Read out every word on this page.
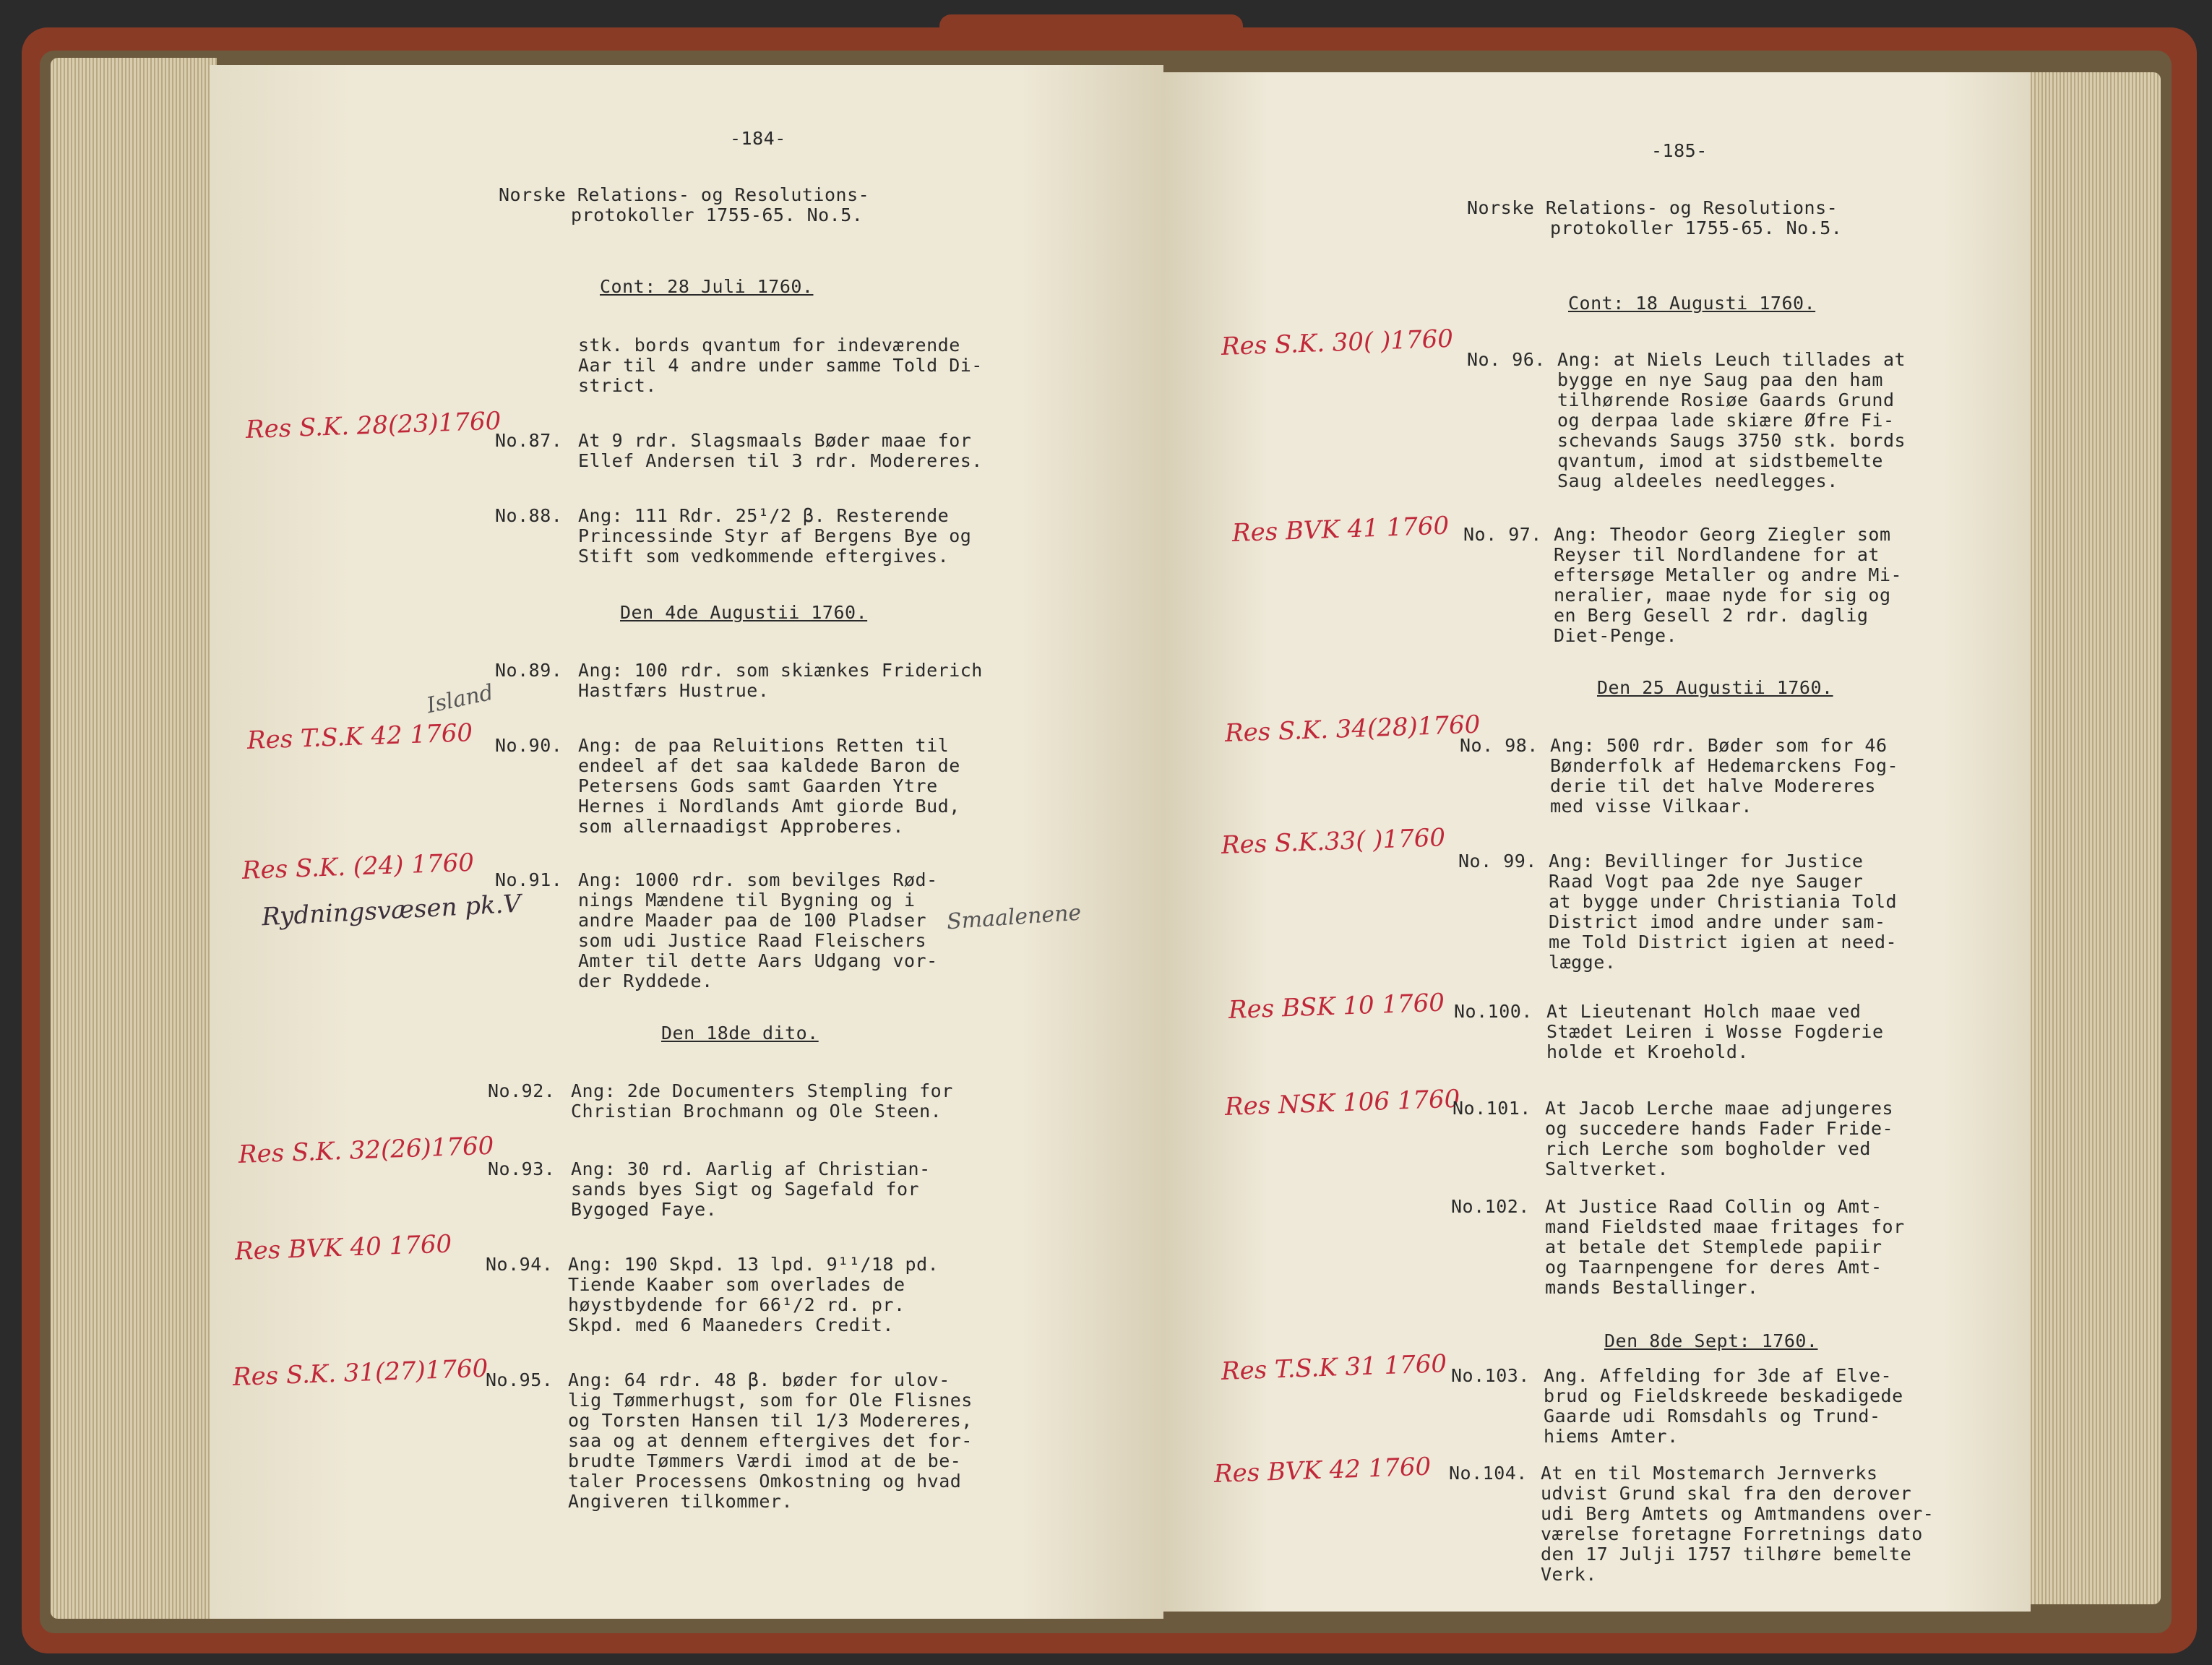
-184-
Norske Relations- og Resolutions-
protokoller 1755-65. No.5.
Cont: 28 Juli 1760.
stk. bords qvantum for indeværende
Aar til 4 andre under samme Told Di-
strict.
Res S.K. 28(23)1760
No.87. At 9 rdr. Slagsmaals Bøder maae for
Ellef Andersen til 3 rdr. Modereres.
No.88. Ang: 111 Rdr. 25¹/2 β. Resterende
Princessinde Styr af Bergens Bye og
Stift som vedkommende eftergives.
Den 4de Augustii 1760.
No.89. Ang: 100 rdr. som skiænkes Friderich
Hastfærs Hustrue.
Island
Res T.S.K 42 1760 No.90. Ang: de paa Reluitions Retten til
endeel af det saa kaldede Baron de
Petersens Gods samt Gaarden Ytre
Hernes i Nordlands Amt giorde Bud,
som allernaadigst Approberes.
Res S.K. (24) 1760
Rydningsvæsen pk.V
No.91. Ang: 1000 rdr. som bevilges Rød-
nings Mændene til Bygning og i
andre Maader paa de 100 Pladser
som udi Justice Raad Fleischers
Amter til dette Aars Udgang vor-
der Ryddede.
Smaalenene
Den 18de dito.
No.92. Ang: 2de Documenters Stempling for
Christian Brochmann og Ole Steen.
Res S.K. 32(26)1760
No.93. Ang: 30 rd. Aarlig af Christian-
sands byes Sigt og Sagefald for
Bygoged Faye.
Res BVK 40 1760 No.94. Ang: 190 Skpd. 13 lpd. 9¹¹/18 pd.
Tiende Kaaber som overlades de
høystbydende for 66¹/2 rd. pr.
Skpd. med 6 Maaneders Credit.
Res S.K. 31(27)1760
No.95. Ang: 64 rdr. 48 β. bøder for ulov-
lig Tømmerhugst, som for Ole Flisnes
og Torsten Hansen til 1/3 Modereres,
saa og at dennem eftergives det for-
brudte Tømmers Værdi imod at de be-
taler Processens Omkostning og hvad
Angiveren tilkommer.
-185-
Norske Relations- og Resolutions-
protokoller 1755-65. No.5.
Cont: 18 Augusti 1760.
Res S.K. 30( )1760 No. 96. Ang: at Niels Leuch tillades at
bygge en nye Saug paa den ham
tilhørende Rosiøe Gaards Grund
og derpaa lade skiære Øfre Fi-
schevands Saugs 3750 stk. bords
qvantum, imod at sidstbemelte
Saug aldeeles needlegges.
Res BVK 41 1760 No. 97. Ang: Theodor Georg Ziegler som
Reyser til Nordlandene for at
eftersøge Metaller og andre Mi-
neralier, maae nyde for sig og
en Berg Gesell 2 rdr. daglig
Diet-Penge.
Den 25 Augustii 1760.
Res S.K. 34(28)1760
No. 98. Ang: 500 rdr. Bøder som for 46
Bønderfolk af Hedemarckens Fog-
derie til det halve Modereres
med visse Vilkaar.
Res S.K.33( )1760
No. 99. Ang: Bevillinger for Justice
Raad Vogt paa 2de nye Sauger
at bygge under Christiania Told
District imod andre under sam-
me Told District igien at need-
lægge.
Res BSK 10 1760 No.100. At Lieutenant Holch maae ved
Stædet Leiren i Wosse Fogderie
holde et Kroehold.
Res NSK 106 1760
No.101. At Jacob Lerche maae adjungeres
og succedere hands Fader Fride-
rich Lerche som bogholder ved
Saltverket.
No.102. At Justice Raad Collin og Amt-
mand Fieldsted maae fritages for
at betale det Stemplede papiir
og Taarnpengene for deres Amt-
mands Bestallinger.
Den 8de Sept: 1760.
Res T.S.K 31 1760 No.103. Ang. Affelding for 3de af Elve-
brud og Fieldskreede beskadigede
Gaarde udi Romsdahls og Trund-
hiems Amter.
Res BVK 42 1760 No.104. At en til Mostemarch Jernverks
udvist Grund skal fra den derover
udi Berg Amtets og Amtmandens over-
værelse foretagne Forretnings dato
den 17 Julji 1757 tilhøre bemelte
Verk.
